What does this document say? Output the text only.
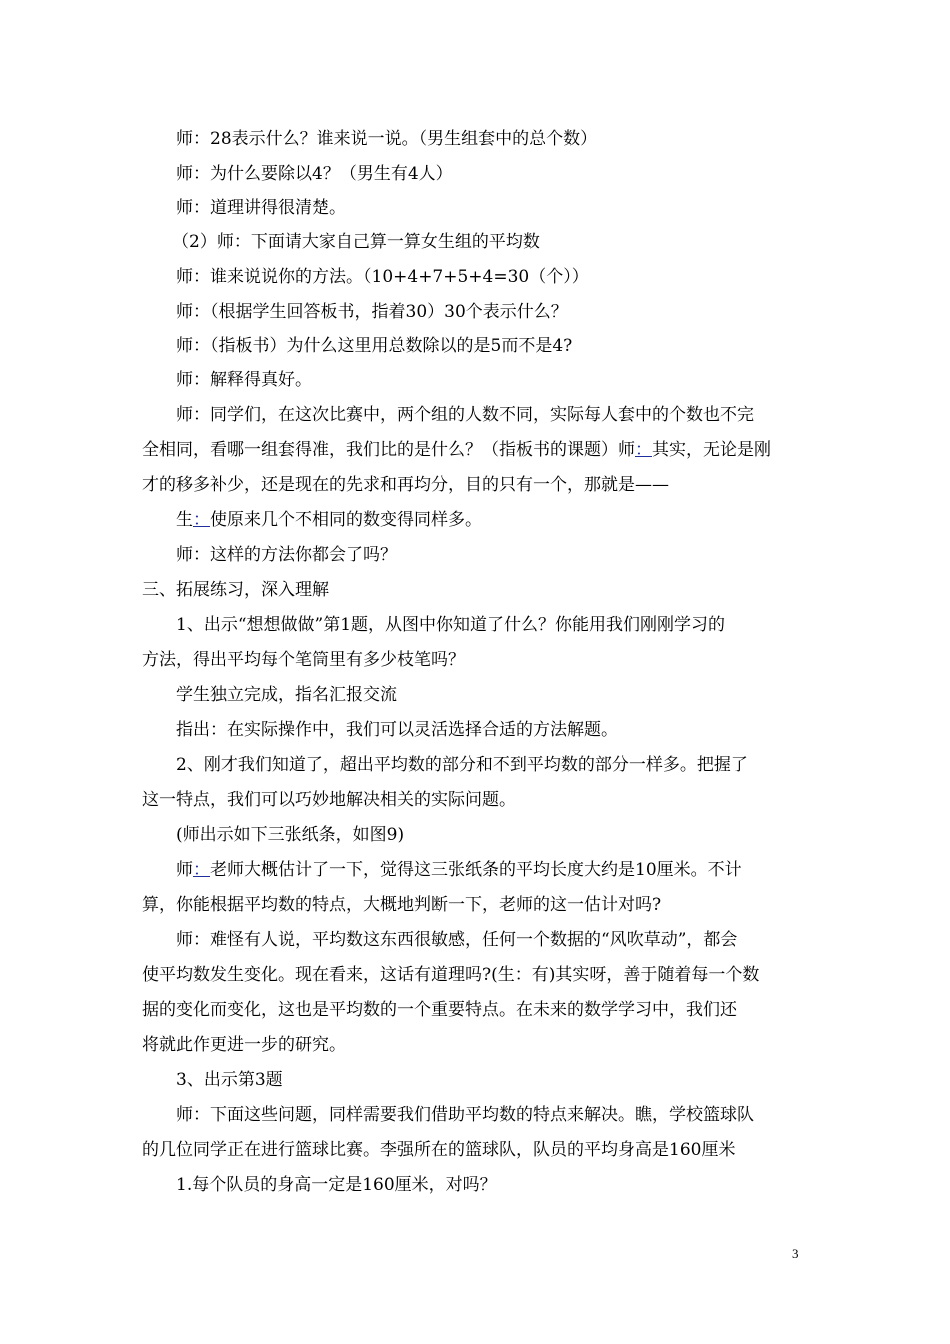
师：28表示什么？谁来说一说。（男生组套中的总个数）
师：为什么要除以4？（男生有4人）
师：道理讲得很清楚。
（2）师：下面请大家自己算一算女生组的平均数
师：谁来说说你的方法。（10+4+7+5+4=30（个））
师：（根据学生回答板书，指着30）30个表示什么？
师：（指板书）为什么这里用总数除以的是5而不是4?
师：解释得真好。
师：同学们，在这次比赛中，两个组的人数不同，实际每人套中的个数也不完
全相同，看哪一组套得准，我们比的是什么？（指板书的课题）师：其实，无论是刚
才的移多补少，还是现在的先求和再均分，目的只有一个，那就是——
生：使原来几个不相同的数变得同样多。
师：这样的方法你都会了吗？
三、拓展练习，深入理解
1、出示“想想做做”第1题，从图中你知道了什么？你能用我们刚刚学习的
方法，得出平均每个笔筒里有多少枝笔吗？
学生独立完成，指名汇报交流
指出：在实际操作中，我们可以灵活选择合适的方法解题。
2、刚才我们知道了，超出平均数的部分和不到平均数的部分一样多。把握了
这一特点，我们可以巧妙地解决相关的实际问题。
(师出示如下三张纸条，如图9)
师：老师大概估计了一下，觉得这三张纸条的平均长度大约是10厘米。不计
算，你能根据平均数的特点，大概地判断一下，老师的这一估计对吗?
师：难怪有人说，平均数这东西很敏感，任何一个数据的“风吹草动”，都会
使平均数发生变化。现在看来，这话有道理吗?(生：有)其实呀，善于随着每一个数
据的变化而变化，这也是平均数的一个重要特点。在未来的数学学习中，我们还
将就此作更进一步的研究。
3、出示第3题
师：下面这些问题，同样需要我们借助平均数的特点来解决。瞧，学校篮球队
的几位同学正在进行篮球比赛。李强所在的篮球队，队员的平均身高是160厘米
1.每个队员的身高一定是160厘米，对吗？
3
